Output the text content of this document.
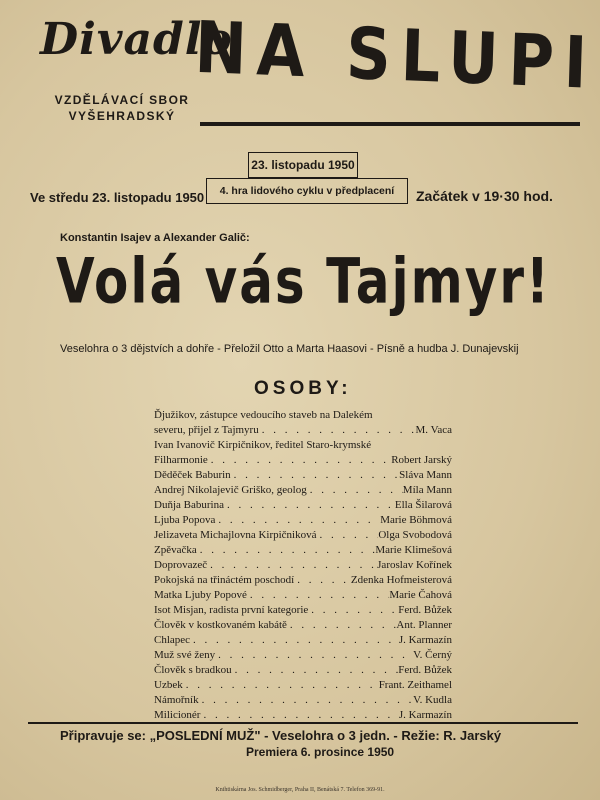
Divadlo
VZDĚLÁVACÍ SBOR
VYŠEHRADSKÝ
NA SLUPI
23. listopadu 1950
4. hra lidového cyklu v předplacení
Ve středu 23. listopadu 1950	Začátek v 19·30 hod.
Konstantin Isajev a Alexander Galič:
Volá vás Tajmyr!
Veselohra o 3 dějstvích a dohře - Přeložil Otto a Marta Haasovi - Písně a hudba J. Dunajevskij
OSOBY:
Ďjužikov, zástupce vedoucího staveb na Dalekém
severu, přijel z Tajmyru . . .	M. Vaca
Ivan Ivanovič Kirpičnikov, ředitel Staro-krymské
Filharmonie . . .	Robert Jarský
Děděček Baburin . . .	Sláva Mann
Andrej Nikolajevič Griško, geolog . . .	Míla Mann
Duňja Baburina . . .	Ella Šilarová
Ljuba Popova . . .	Marie Böhmová
Jelizaveta Michajlovna Kirpičniková . . .	Olga Svobodová
Zpěvačka . . .	Marie Klimešová
Doprovazeč . . .	Jaroslav Kořínek
Pokojská na třináctém poschodí . . .	Zdenka Hofmeisterová
Matka Ljuby Popové . . .	Marie Čahová
Isot Misjan, radista první kategorie . . .	Ferd. Bůžek
Člověk v kostkovaném kabátě . . .	Ant. Planner
Chlapec . . .	J. Karmazín
Muž své ženy . . .	V. Černý
Člověk s bradkou . . .	Ferd. Bůžek
Uzbek . . .	Frant. Zeithamel
Námořník . . .	V. Kudla
Milicionér . . .	J. Karmazín
Připravuje se: „POSLEDNÍ MUŽ" - Veselohra o 3 jedn. - Režie: R. Jarský
Premiera 6. prosince 1950
Knihtiskárna Jos. Schmidberger, Praha II, Benátská 7. Telefon 369-91.
